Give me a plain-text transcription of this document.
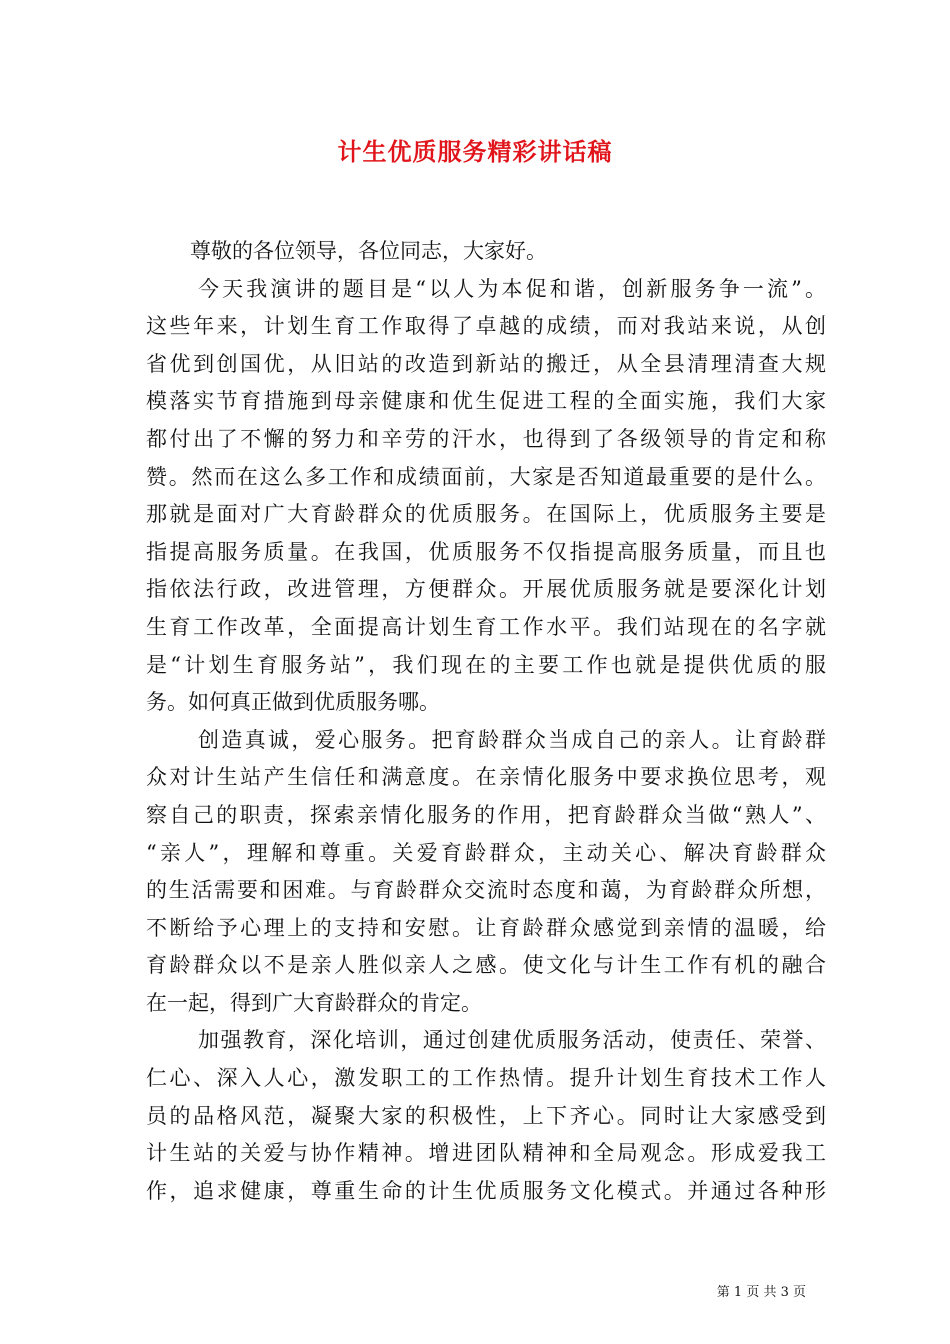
计生优质服务精彩讲话稿

尊敬的各位领导，各位同志，大家好。

今天我演讲的题目是“以人为本促和谐，创新服务争一流”。
这些年来，计划生育工作取得了卓越的成绩，而对我站来说，从创
省优到创国优，从旧站的改造到新站的搬迁，从全县清理清查大规
模落实节育措施到母亲健康和优生促进工程的全面实施，我们大家
都付出了不懈的努力和辛劳的汗水，也得到了各级领导的肯定和称
赞。然而在这么多工作和成绩面前，大家是否知道最重要的是什么。
那就是面对广大育龄群众的优质服务。在国际上，优质服务主要是
指提高服务质量。在我国，优质服务不仅指提高服务质量，而且也
指依法行政，改进管理，方便群众。开展优质服务就是要深化计划
生育工作改革，全面提高计划生育工作水平。我们站现在的名字就
是“计划生育服务站”，我们现在的主要工作也就是提供优质的服
务。如何真正做到优质服务哪。

创造真诚，爱心服务。把育龄群众当成自己的亲人。让育龄群
众对计生站产生信任和满意度。在亲情化服务中要求换位思考，观
察自己的职责，探索亲情化服务的作用，把育龄群众当做“熟人”、
“亲人”，理解和尊重。关爱育龄群众，主动关心、解决育龄群众
的生活需要和困难。与育龄群众交流时态度和蔼，为育龄群众所想，
不断给予心理上的支持和安慰。让育龄群众感觉到亲情的温暖，给
育龄群众以不是亲人胜似亲人之感。使文化与计生工作有机的融合
在一起，得到广大育龄群众的肯定。

加强教育，深化培训，通过创建优质服务活动，使责任、荣誉、
仁心、深入人心，激发职工的工作热情。提升计划生育技术工作人
员的品格风范，凝聚大家的积极性，上下齐心。同时让大家感受到
计生站的关爱与协作精神。增进团队精神和全局观念。形成爱我工
作，追求健康，尊重生命的计生优质服务文化模式。并通过各种形

第 1 页 共 3 页
